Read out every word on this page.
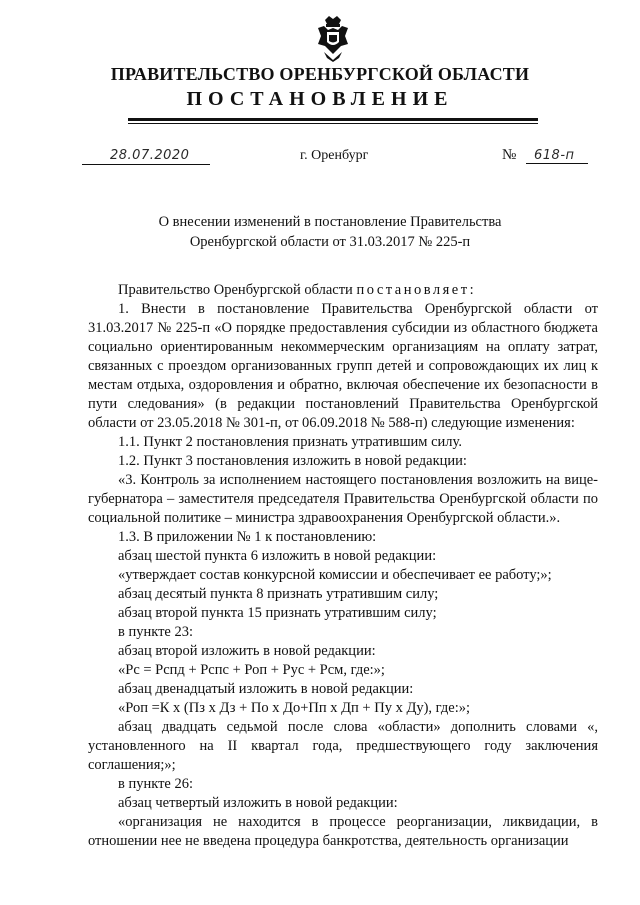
ПРАВИТЕЛЬСТВО ОРЕНБУРГСКОЙ ОБЛАСТИ
ПОСТАНОВЛЕНИЕ
28.07.2020	г. Оренбург	№ 618-п
О внесении изменений в постановление Правительства
Оренбургской области от 31.03.2017 № 225-п

Правительство Оренбургской области постановляет:

1. Внести в постановление Правительства Оренбургской области от 31.03.2017 № 225-п «О порядке предоставления субсидии из областного бюджета социально ориентированным некоммерческим организациям на оплату затрат, связанных с проездом организованных групп детей и сопровождающих их лиц к местам отдыха, оздоровления и обратно, включая обеспечение их безопасности в пути следования» (в редакции постановлений Правительства Оренбургской области от 23.05.2018 № 301-п, от 06.09.2018 № 588-п) следующие изменения:

1.1. Пункт 2 постановления признать утратившим силу.

1.2. Пункт 3 постановления изложить в новой редакции:

«3. Контроль за исполнением настоящего постановления возложить на вице-губернатора – заместителя председателя Правительства Оренбургской области по социальной политике – министра здравоохранения Оренбургской области.».

1.3. В приложении № 1 к постановлению:

абзац шестой пункта 6 изложить в новой редакции:

«утверждает состав конкурсной комиссии и обеспечивает ее работу;»;

абзац десятый пункта 8 признать утратившим силу;

абзац второй пункта 15 признать утратившим силу;

в пункте 23:

абзац второй изложить в новой редакции:

«Рс = Рспд + Рспс + Роп + Рус + Рсм, где:»;

абзац двенадцатый изложить в новой редакции:

«Роп =К х (Пз х Дз + По х До+Пп х Дп + Пу х Ду), где:»;

абзац двадцать седьмой после слова «области» дополнить словами «, установленного на II квартал года, предшествующего году заключения соглашения;»;

в пункте 26:

абзац четвертый изложить в новой редакции:

«организация не находится в процессе реорганизации, ликвидации, в отношении нее не введена процедура банкротства, деятельность организации
